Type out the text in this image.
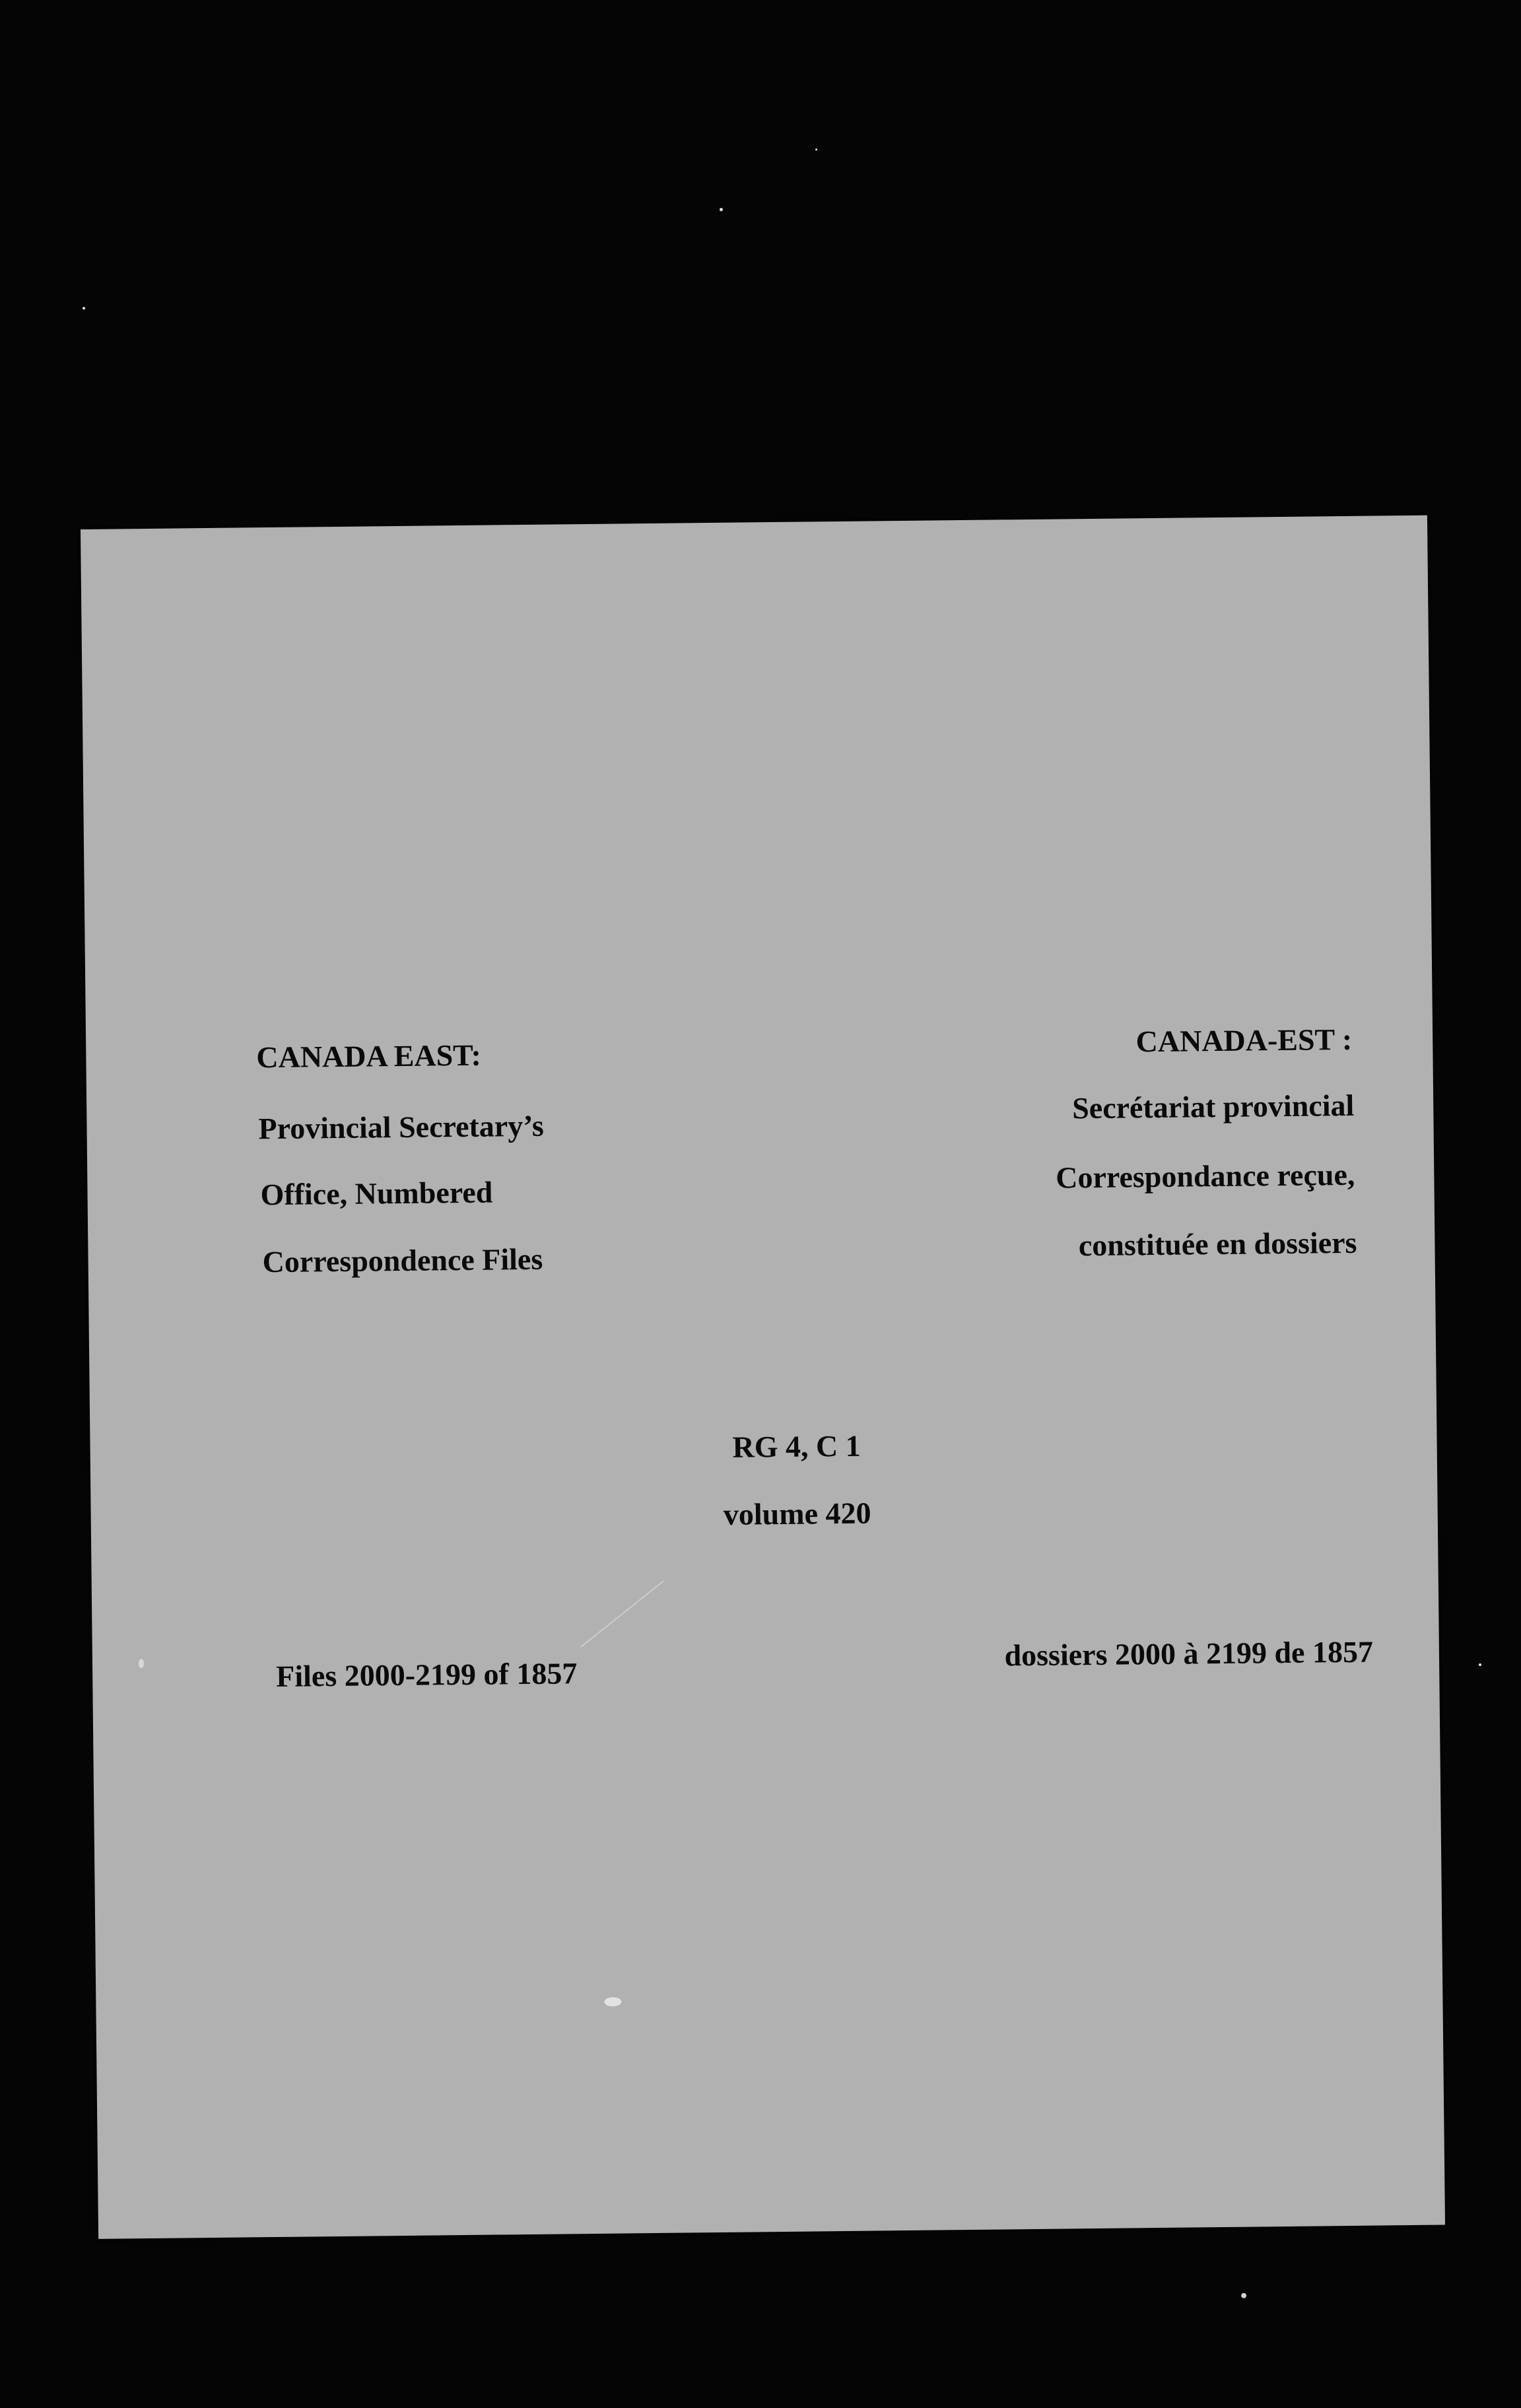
CANADA EAST:
Provincial Secretary’s
Office, Numbered
Correspondence Files
CANADA-EST :
Secrétariat provincial
Correspondance reçue,
constituée en dossiers
RG 4, C 1
volume 420
Files 2000-2199 of 1857
dossiers 2000 à 2199 de 1857
